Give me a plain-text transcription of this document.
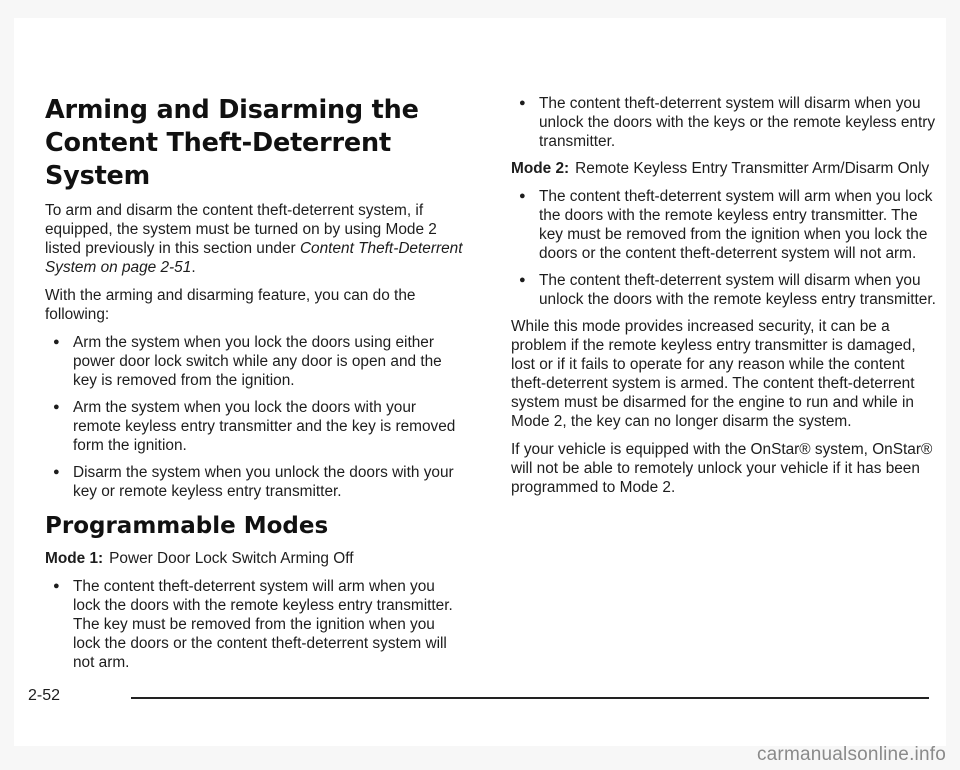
Arming and Disarming the Content Theft-Deterrent System

To arm and disarm the content theft-deterrent system, if equipped, the system must be turned on by using Mode 2 listed previously in this section under Content Theft-Deterrent System on page 2-51.

With the arming and disarming feature, you can do the following:

● Arm the system when you lock the doors using either power door lock switch while any door is open and the key is removed from the ignition.
● Arm the system when you lock the doors with your remote keyless entry transmitter and the key is removed form the ignition.
● Disarm the system when you unlock the doors with your key or remote keyless entry transmitter.
Programmable Modes

Mode 1: Power Door Lock Switch Arming Off

● The content theft-deterrent system will arm when you lock the doors with the remote keyless entry transmitter. The key must be removed from the ignition when you lock the doors or the content theft-deterrent system will not arm.
● The content theft-deterrent system will disarm when you unlock the doors with the keys or the remote keyless entry transmitter.

Mode 2: Remote Keyless Entry Transmitter Arm/Disarm Only

● The content theft-deterrent system will arm when you lock the doors with the remote keyless entry transmitter. The key must be removed from the ignition when you lock the doors or the content theft-deterrent system will not arm.
● The content theft-deterrent system will disarm when you unlock the doors with the remote keyless entry transmitter.

While this mode provides increased security, it can be a problem if the remote keyless entry transmitter is damaged, lost or if it fails to operate for any reason while the content theft-deterrent system is armed. The content theft-deterrent system must be disarmed for the engine to run and while in Mode 2, the key can no longer disarm the system.

If your vehicle is equipped with the OnStar® system, OnStar® will not be able to remotely unlock your vehicle if it has been programmed to Mode 2.

2-52
carmanualsonline.info
